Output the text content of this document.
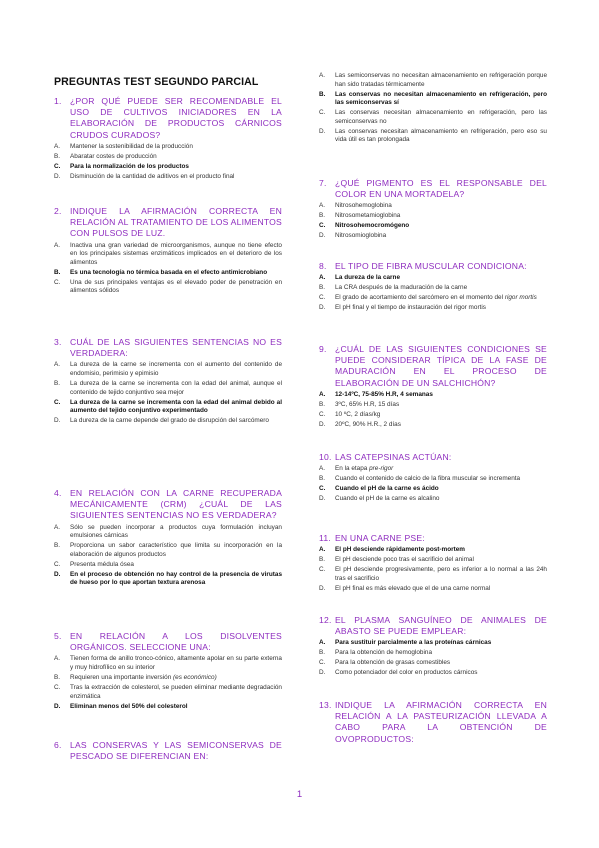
PREGUNTAS TEST SEGUNDO PARCIAL
1. ¿POR QUÉ PUEDE SER RECOMENDABLE EL USO DE CULTIVOS INICIADORES EN LA ELABORACIÓN DE PRODUCTOS CÁRNICOS CRUDOS CURADOS?
A.	Mantener la sostenibilidad de la producción
B.	Abaratar costes de producción
C.	Para la normalización de los productos
D.	Disminución de la cantidad de aditivos en el producto final
2. INDIQUE LA AFIRMACIÓN CORRECTA EN RELACIÓN AL TRATAMIENTO DE LOS ALIMENTOS CON PULSOS DE LUZ.
A.	Inactiva una gran variedad de microorganismos, aunque no tiene efecto en los principales sistemas enzimáticos implicados en el deterioro de los alimentos
B.	Es una tecnología no térmica basada en el efecto antimicrobiano
C.	Una de sus principales ventajas es el elevado poder de penetración en alimentos sólidos
3. CUÁL DE LAS SIGUIENTES SENTENCIAS NO ES VERDADERA:
A.	La dureza de la carne se incrementa con el aumento del contenido de endomisio, perimisio y epimisio
B.	La dureza de la carne se incrementa con la edad del animal, aunque el contenido de tejido conjuntivo sea mejor
C.	La dureza de la carne se incrementa con la edad del animal debido al aumento del tejido conjuntivo experimentado
D.	La dureza de la carne depende del grado de disrupción del sarcómero
4. EN RELACIÓN CON LA CARNE RECUPERADA MECÁNICAMENTE (CRM) ¿CUÁL DE LAS SIGUIENTES SENTENCIAS NO ES VERDADERA?
A.	Sólo se pueden incorporar a productos cuya formulación incluyan emulsiones cárnicas
B.	Proporciona un sabor característico que limita su incorporación en la elaboración de algunos productos
C.	Presenta médula ósea
D.	En el proceso de obtención no hay control de la presencia de virutas de hueso por lo que aportan textura arenosa
5. EN RELACIÓN A LOS DISOLVENTES ORGÁNICOS. SELECCIONE UNA:
A.	Tienen forma de anillo tronco-cónico, altamente apolar en su parte externa y muy hidrofílico en su interior
B.	Requieren una importante inversión (es económico)
C.	Tras la extracción de colesterol, se pueden eliminar mediante degradación enzimática
D.	Eliminan menos del 50% del colesterol
6. LAS CONSERVAS Y LAS SEMICONSERVAS DE PESCADO SE DIFERENCIAN EN:
A.	Las semiconservas no necesitan almacenamiento en refrigeración porque han sido tratadas térmicamente
B.	Las conservas no necesitan almacenamiento en refrigeración, pero las semiconservas sí
C.	Las conservas necesitan almacenamiento en refrigeración, pero las semiconservas no
D.	Las conservas necesitan almacenamiento en refrigeración, pero eso su vida útil es tan prolongada
7. ¿QUÉ PIGMENTO ES EL RESPONSABLE DEL COLOR EN UNA MORTADELA?
A.	Nitrosohemoglobina
B.	Nitrosometamioglobina
C.	Nitrosohemocromógeno
D.	Nitrosomioglobina
8. EL TIPO DE FIBRA MUSCULAR CONDICIONA:
A.	La dureza de la carne
B.	La CRA después de la maduración de la carne
C.	El grado de acortamiento del sarcómero en el momento del rigor mortis
D.	El pH final y el tiempo de instauración del rigor mortis
9. ¿CUÁL DE LAS SIGUIENTES CONDICIONES SE PUEDE CONSIDERAR TÍPICA DE LA FASE DE MADURACIÓN EN EL PROCESO DE ELABORACIÓN DE UN SALCHICHÓN?
A.	12-14ºC, 75-85% H.R, 4 semanas
B.	3ºC, 65% H.R, 15 días
C.	10 ºC, 2 días/kg
D.	20ºC, 90% H.R., 2 días
10. LAS CATEPSINAS ACTÚAN:
A.	En la etapa pre-rigor
B.	Cuando el contenido de calcio de la fibra muscular se incrementa
C.	Cuando el pH de la carne es ácido
D.	Cuando el pH de la carne es alcalino
11. EN UNA CARNE PSE:
A.	El pH desciende rápidamente post-mortem
B.	El pH desciende poco tras el sacrificio del animal
C.	El pH desciende progresivamente, pero es inferior a lo normal a las 24h tras el sacrificio
D.	El pH final es más elevado que el de una carne normal
12. EL PLASMA SANGUÍNEO DE ANIMALES DE ABASTO SE PUEDE EMPLEAR:
A.	Para sustituir parcialmente a las proteínas cárnicas
B.	Para la obtención de hemoglobina
C.	Para la obtención de grasas comestibles
D.	Como potenciador del color en productos cárnicos
13. INDIQUE LA AFIRMACIÓN CORRECTA EN RELACIÓN A LA PASTEURIZACIÓN LLEVADA A CABO PARA LA OBTENCIÓN DE OVOPRODUCTOS:
1
